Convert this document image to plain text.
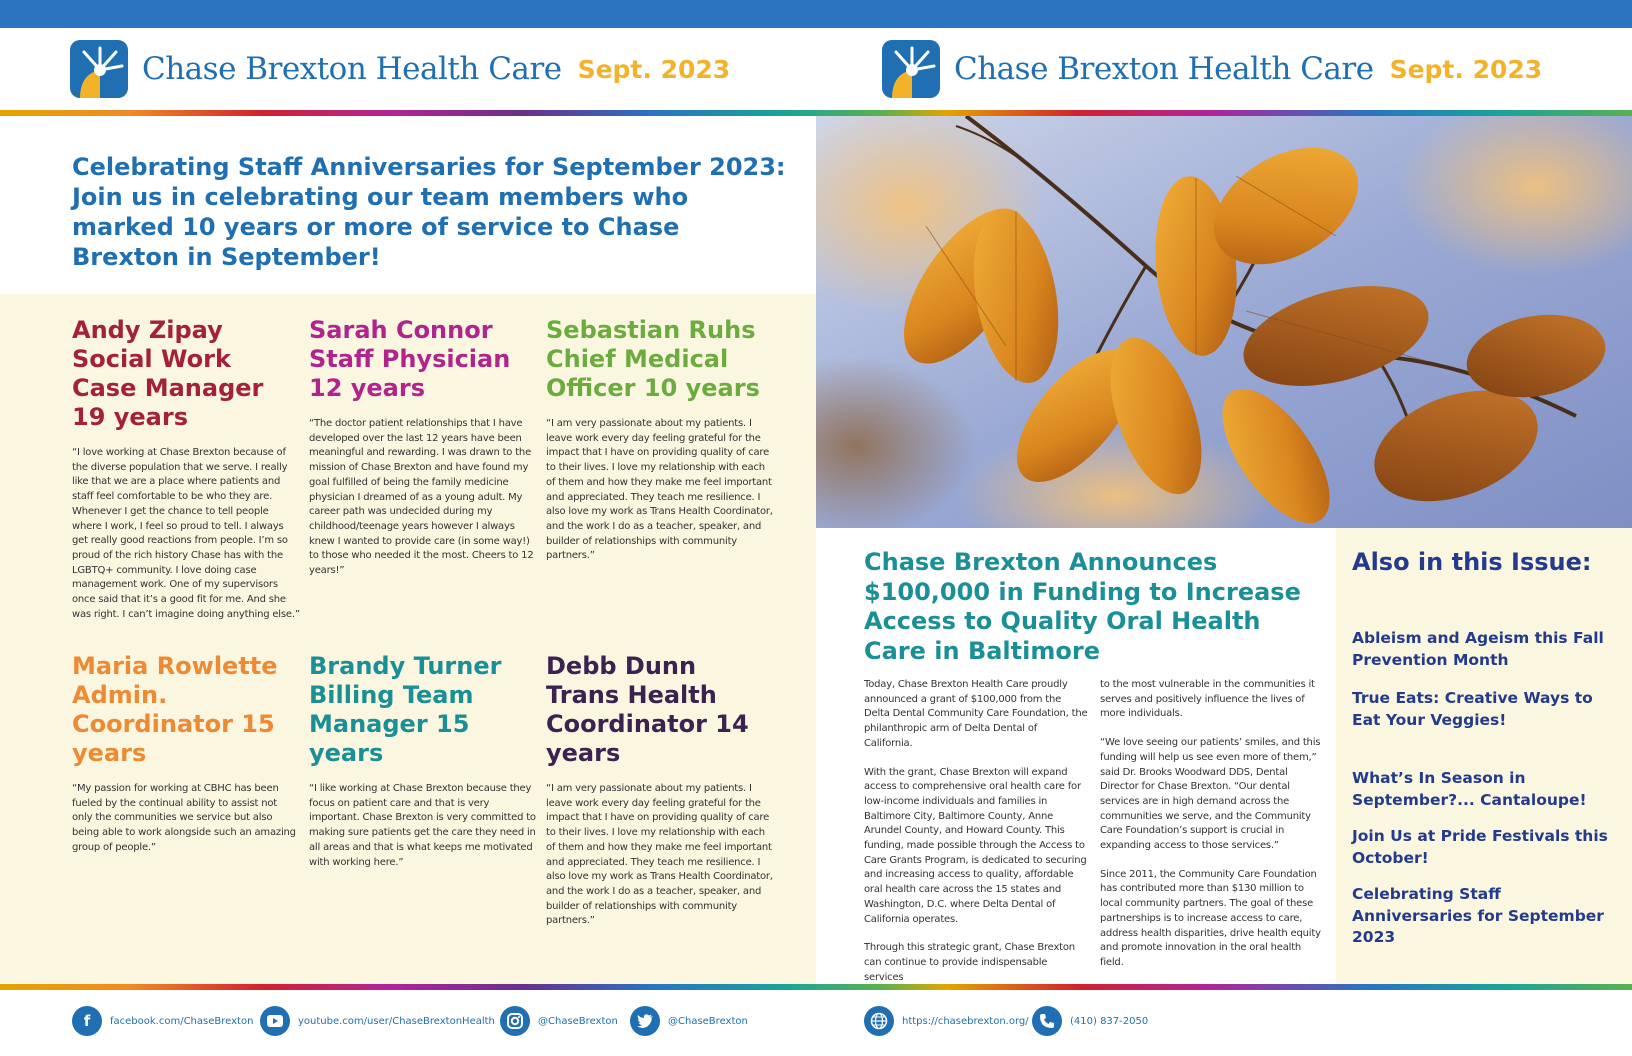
Chase Brexton Health Care Sept. 2023	Chase Brexton Health Care Sept. 2023
Celebrating Staff Anniversaries for September 2023: Join us in celebrating our team members who marked 10 years or more of service to Chase Brexton in September!
Andy Zipay Social Work Case Manager 19 years
“I love working at Chase Brexton because of the diverse population that we serve. I really like that we are a place where patients and staff feel comfortable to be who they are. Whenever I get the chance to tell people where I work, I feel so proud to tell. I always get really good reactions from people. I’m so proud of the rich history Chase has with the LGBTQ+ community. I love doing case management work. One of my supervisors once said that it’s a good fit for me. And she was right. I can’t imagine doing anything else.”
Sarah Connor Staff Physician 12 years
“The doctor patient relationships that I have developed over the last 12 years have been meaningful and rewarding. I was drawn to the mission of Chase Brexton and have found my goal fulfilled of being the family medicine physician I dreamed of as a young adult. My career path was undecided during my childhood/teenage years however I always knew I wanted to provide care (in some way!) to those who needed it the most. Cheers to 12 years!”
Sebastian Ruhs Chief Medical Officer 10 years
“I am very passionate about my patients. I leave work every day feeling grateful for the impact that I have on providing quality of care to their lives. I love my relationship with each of them and how they make me feel important and appreciated. They teach me resilience. I also love my work as Trans Health Coordinator, and the work I do as a teacher, speaker, and builder of relationships with community partners.”
Maria Rowlette Admin. Coordinator 15 years
“My passion for working at CBHC has been fueled by the continual ability to assist not only the communities we service but also being able to work alongside such an amazing group of people.”
Brandy Turner Billing Team Manager 15 years
“I like working at Chase Brexton because they focus on patient care and that is very important. Chase Brexton is very committed to making sure patients get the care they need in all areas and that is what keeps me motivated with working here.”
Debb Dunn Trans Health Coordinator 14 years
“I am very passionate about my patients. I leave work every day feeling grateful for the impact that I have on providing quality of care to their lives. I love my relationship with each of them and how they make me feel important and appreciated. They teach me resilience. I also love my work as Trans Health Coordinator, and the work I do as a teacher, speaker, and builder of relationships with community partners.”
Chase Brexton Announces $100,000 in Funding to Increase Access to Quality Oral Health Care in Baltimore

Today, Chase Brexton Health Care proudly announced a grant of $100,000 from the Delta Dental Community Care Foundation, the philanthropic arm of Delta Dental of California.

With the grant, Chase Brexton will expand access to comprehensive oral health care for low-income individuals and families in Baltimore City, Baltimore County, Anne Arundel County, and Howard County. This funding, made possible through the Access to Care Grants Program, is dedicated to securing and increasing access to quality, affordable oral health care across the 15 states and Washington, D.C. where Delta Dental of California operates.

Through this strategic grant, Chase Brexton can continue to provide indispensable services

to the most vulnerable in the communities it serves and positively influence the lives of more individuals.

“We love seeing our patients’ smiles, and this funding will help us see even more of them,” said Dr. Brooks Woodward DDS, Dental Director for Chase Brexton. “Our dental services are in high demand across the communities we serve, and the Community Care Foundation’s support is crucial in expanding access to those services.”

Since 2011, the Community Care Foundation has contributed more than $130 million to local community partners. The goal of these partnerships is to increase access to care, address health disparities, drive health equity and promote innovation in the oral health field.

Also in this Issue:
Ableism and Ageism this Fall Prevention Month
True Eats: Creative Ways to Eat Your Veggies!
What’s In Season in September?... Cantaloupe!
Join Us at Pride Festivals this October!
Celebrating Staff Anniversaries for September 2023
f	facebook.com/ChaseBrexton	youtube.com/user/ChaseBrextonHealth	@ChaseBrexton	@ChaseBrexton	https://chasebrexton.org/	(410) 837-2050
